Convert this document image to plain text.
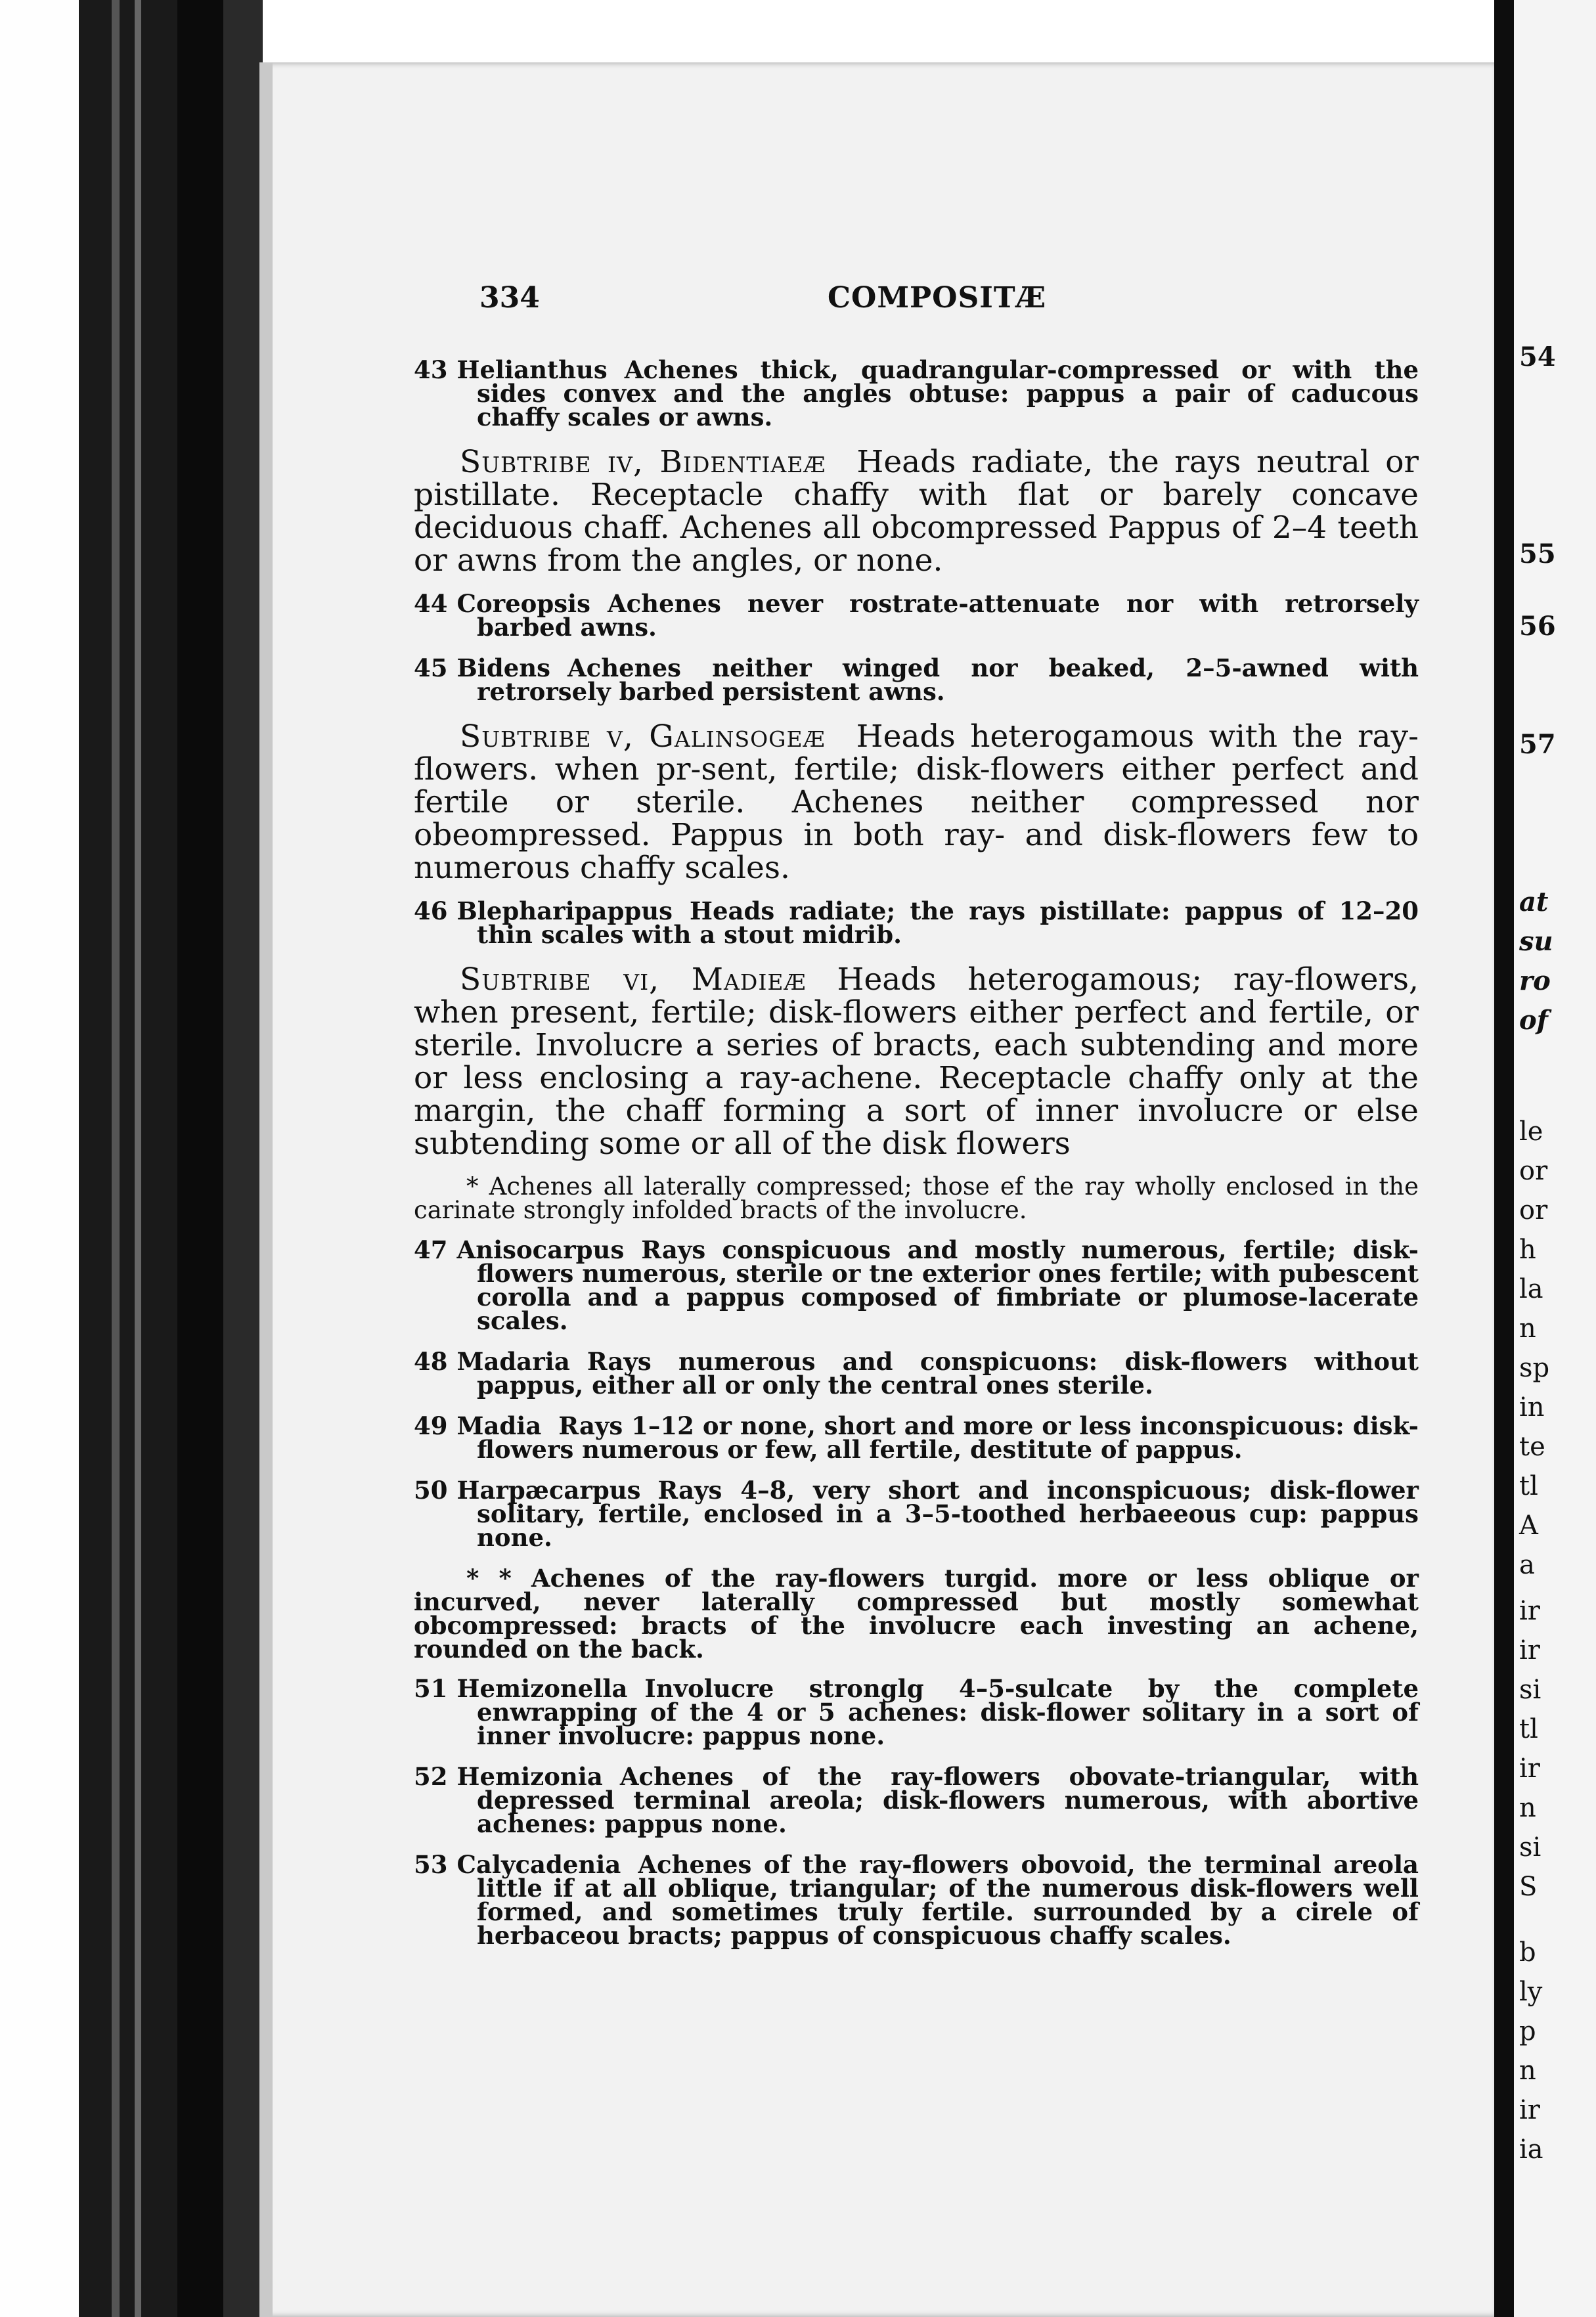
54
55
56
57
at
su
ro
of
le
or
or
h
la
n
sp
in
te
tl
A
a
ir
ir
si
tl
ir
n
si
S
b
ly
p
n
ir
ia
334	COMPOSITÆ

43 Helianthus Achenes thick, quadrangular-compressed or with the sides convex and the angles obtuse: pappus a pair of caducous chaffy scales or awns.

Subtribe iv, Bidentiaeæ  Heads radiate, the rays neutral or pistillate. Receptacle chaffy with flat or barely concave deciduous chaff. Achenes all obcompressed Pappus of 2–4 teeth or awns from the angles, or none.

44 Coreopsis Achenes never rostrate-attenuate nor with retrorsely barbed awns.

45 Bidens Achenes neither winged nor beaked, 2–5-awned with retrorsely barbed persistent awns.

Subtribe v, Galinsogeæ  Heads heterogamous with the ray-flowers. when pr-sent, fertile; disk-flowers either perfect and fertile or sterile. Achenes neither compressed nor obeompressed. Pappus in both ray- and disk-flowers few to numerous chaffy scales.

46 Blepharipappus Heads radiate; the rays pistillate: pappus of 12–20 thin scales with a stout midrib.

Subtribe vi, Madieæ  Heads heterogamous; ray-flowers, when present, fertile; disk-flowers either perfect and fertile, or sterile. Involucre a series of bracts, each subtending and more or less enclosing a ray-achene. Receptacle chaffy only at the margin, the chaff forming a sort of inner involucre or else subtending some or all of the disk flowers

* Achenes all laterally compressed; those ef the ray wholly enclosed in the carinate strongly infolded bracts of the involucre.

47 Anisocarpus Rays conspicuous and mostly numerous, fertile; disk-flowers numerous, sterile or tne exterior ones fertile; with pubescent corolla and a pappus composed of fimbriate or plumose-lacerate scales.

48 Madaria Rays numerous and conspicuons: disk-flowers without pappus, either all or only the central ones sterile.

49 Madia Rays 1–12 or none, short and more or less inconspicuous: disk-flowers numerous or few, all fertile, destitute of pappus.

50 Harpæcarpus Rays 4–8, very short and inconspicuous; disk-flower solitary, fertile, enclosed in a 3–5-toothed herbaeeous cup: pappus none.

* * Achenes of the ray-flowers turgid. more or less oblique or incurved, never laterally compressed but mostly somewhat obcompressed: bracts of the involucre each investing an achene, rounded on the back.

51 Hemizonella Involucre stronglg 4–5-sulcate by the complete enwrapping of the 4 or 5 achenes: disk-flower solitary in a sort of inner involucre: pappus none.

52 Hemizonia Achenes of the ray-flowers obovate-triangular, with depressed terminal areola; disk-flowers numerous, with abortive achenes: pappus none.

53 Calycadenia Achenes of the ray-flowers obovoid, the terminal areola little if at all oblique, triangular; of the numerous disk-flowers well formed, and sometimes truly fertile. surrounded by a cirele of herbaceou bracts; pappus of conspicuous chaffy scales.
